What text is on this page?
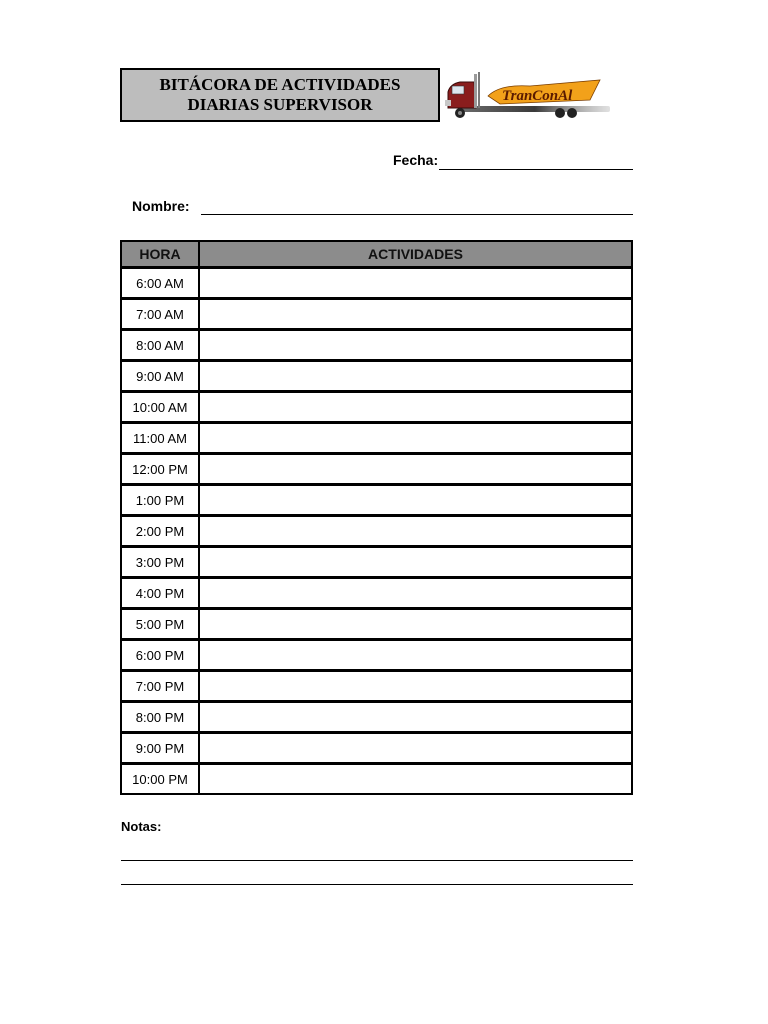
BITÁCORA DE ACTIVIDADES
DIARIAS SUPERVISOR	TranConAl
Fecha:
Nombre:
HORA	ACTIVIDADES
6:00 AM	
7:00 AM	
8:00 AM	
9:00 AM	
10:00 AM	
11:00 AM	
12:00 PM	
1:00 PM	
2:00 PM	
3:00 PM	
4:00 PM	
5:00 PM	
6:00 PM	
7:00 PM	
8:00 PM	
9:00 PM	
10:00 PM	
Notas:
